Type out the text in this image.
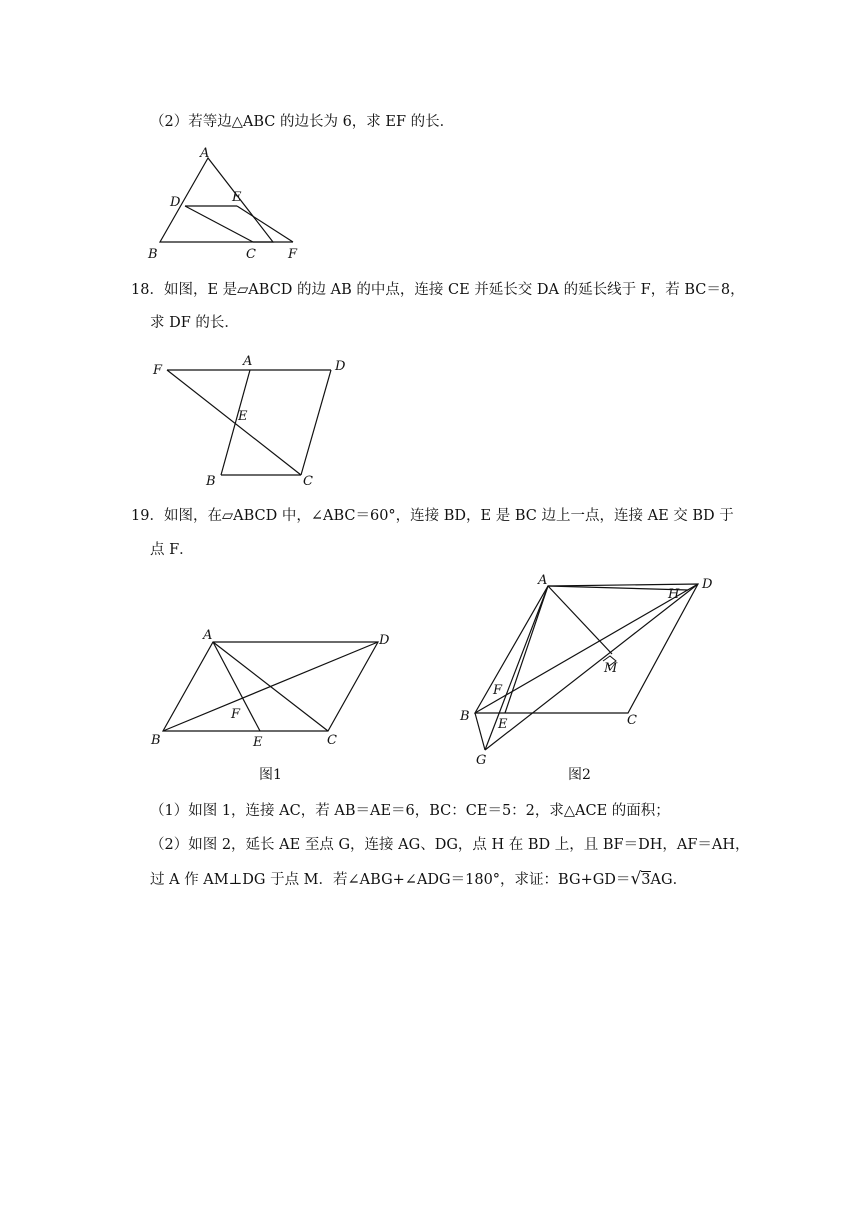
（2）若等边△ABC 的边长为 6，求 EF 的长．
A
D	E
B	C F
18．如图，E 是▱ABCD 的边 AB 的中点，连接 CE 并延长交 DA 的延长线于 F，若 BC＝8，
求 DF 的长．
F
A	D
E
B	C
19．如图，在▱ABCD 中，∠ABC＝60°，连接 BD，E 是 BC 边上一点，连接 AE 交 BD 于
点 F．
A	D
F
B	E	C
图1
A
H
D
M
F
B
E	C
G
图2
（1）如图 1，连接 AC，若 AB＝AE＝6，BC：CE＝5：2，求△ACE 的面积；
（2）如图 2，延长 AE 至点 G，连接 AG、DG，点 H 在 BD 上，且 BF＝DH，AF＝AH，
过 A 作 AM⊥DG 于点 M．若∠ABG+∠ADG＝180°，求证：BG+GD＝√3AG．
